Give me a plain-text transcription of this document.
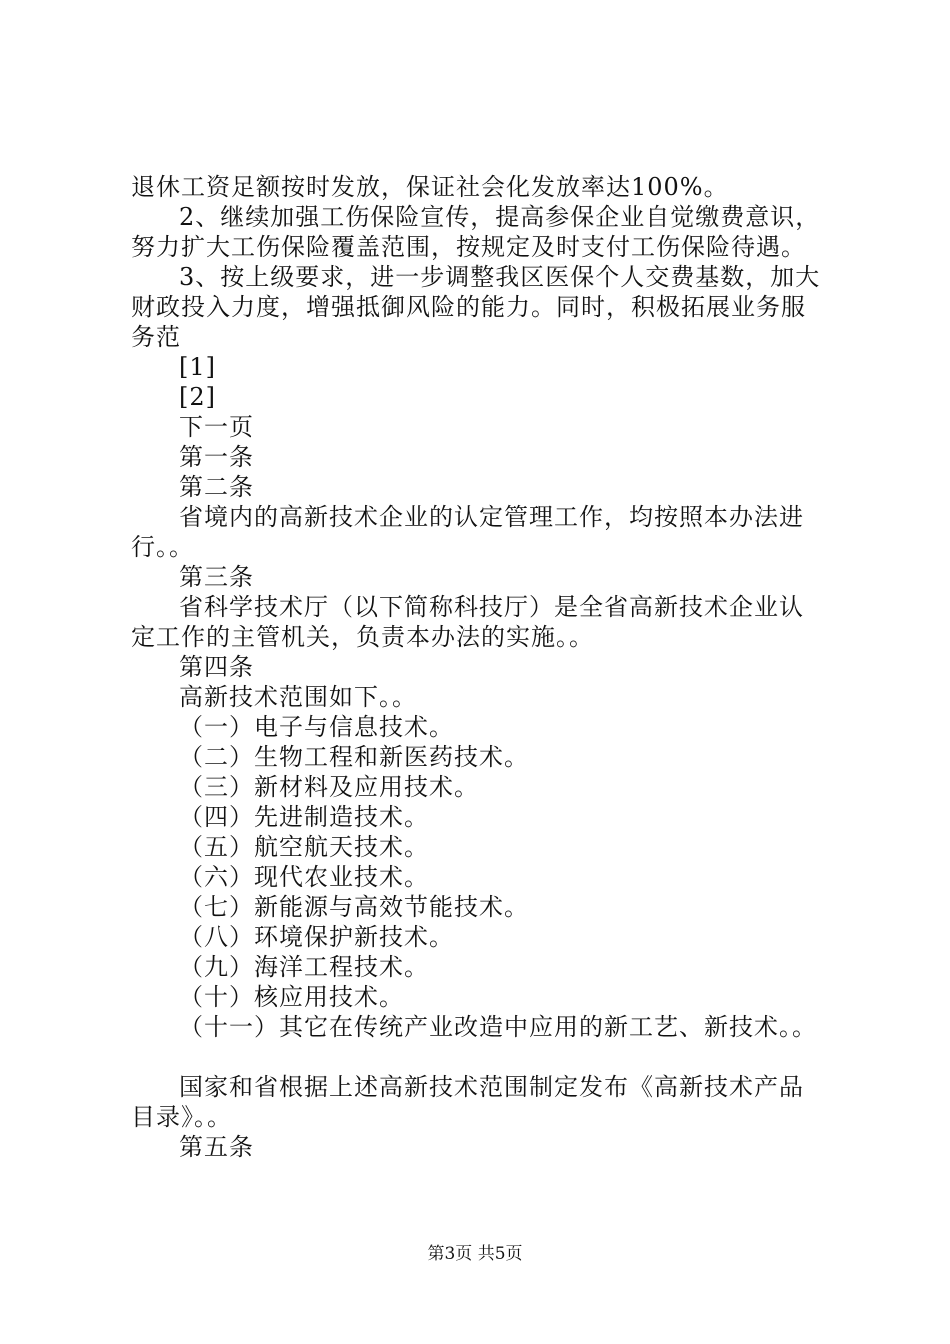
退休工资足额按时发放，保证社会化发放率达100%。
2、继续加强工伤保险宣传，提高参保企业自觉缴费意识，
努力扩大工伤保险覆盖范围，按规定及时支付工伤保险待遇。
3、按上级要求，进一步调整我区医保个人交费基数，加大
财政投入力度，增强抵御风险的能力。同时，积极拓展业务服
务范
[1]
[2]
下一页
第一条
第二条
省境内的高新技术企业的认定管理工作，均按照本办法进
行。。
第三条
省科学技术厅（以下简称科技厅）是全省高新技术企业认
定工作的主管机关，负责本办法的实施。。
第四条
高新技术范围如下。。
（一）电子与信息技术。
（二）生物工程和新医药技术。
（三）新材料及应用技术。
（四）先进制造技术。
（五）航空航天技术。
（六）现代农业技术。
（七）新能源与高效节能技术。
（八）环境保护新技术。
（九）海洋工程技术。
（十）核应用技术。
（十一）其它在传统产业改造中应用的新工艺、新技术。。
国家和省根据上述高新技术范围制定发布《高新技术产品
目录》。。
第五条
第3页 共5页
